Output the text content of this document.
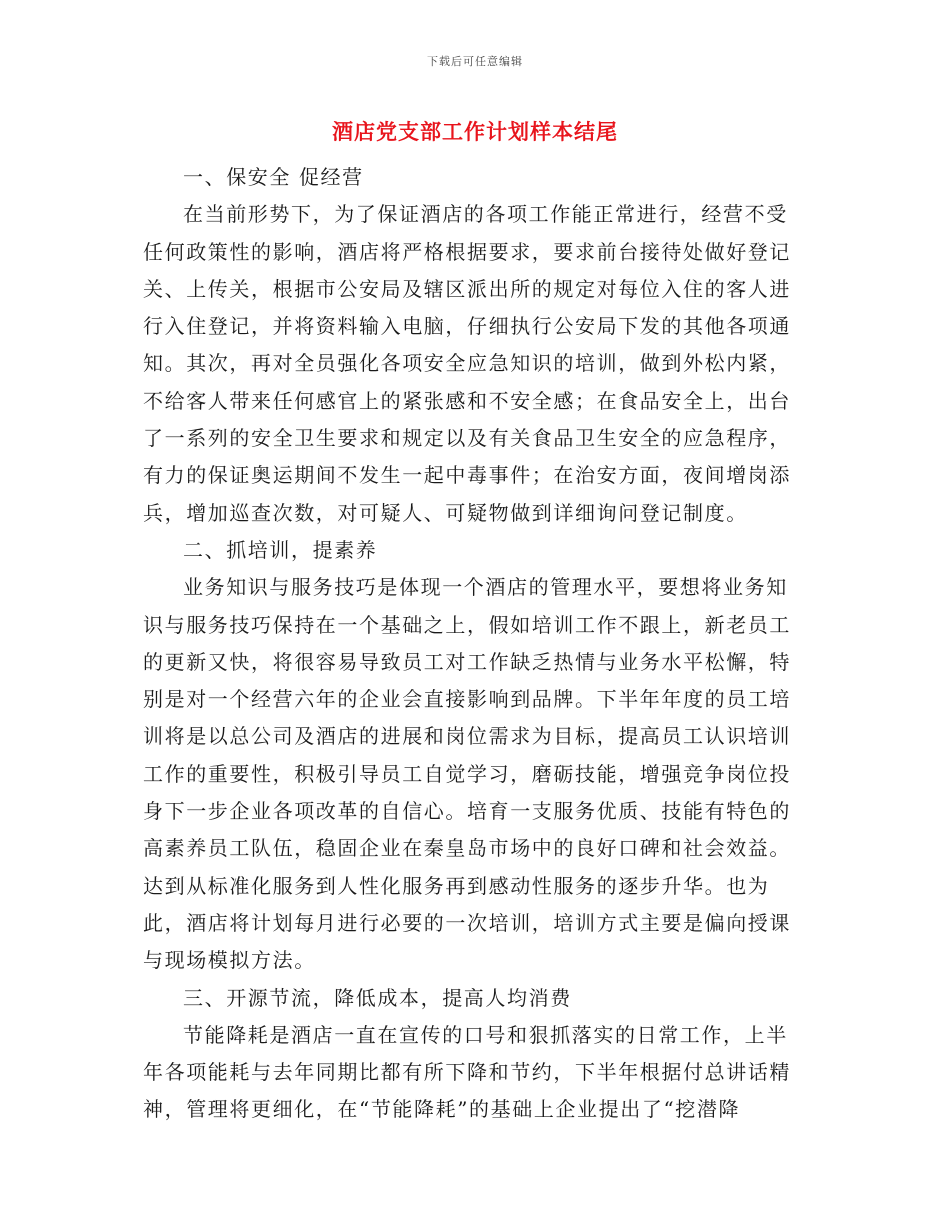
下载后可任意编辑
酒店党支部工作计划样本结尾

一、保安全 促经营

在当前形势下，为了保证酒店的各项工作能正常进行，经营不受任何政策性的影响，酒店将严格根据要求，要求前台接待处做好登记关、上传关，根据市公安局及辖区派出所的规定对每位入住的客人进行入住登记，并将资料输入电脑，仔细执行公安局下发的其他各项通知。其次，再对全员强化各项安全应急知识的培训，做到外松内紧，不给客人带来任何感官上的紧张感和不安全感；在食品安全上，出台了一系列的安全卫生要求和规定以及有关食品卫生安全的应急程序，有力的保证奥运期间不发生一起中毒事件；在治安方面，夜间增岗添兵，增加巡查次数，对可疑人、可疑物做到详细询问登记制度。

二、抓培训，提素养

业务知识与服务技巧是体现一个酒店的管理水平，要想将业务知识与服务技巧保持在一个基础之上，假如培训工作不跟上，新老员工的更新又快，将很容易导致员工对工作缺乏热情与业务水平松懈，特别是对一个经营六年的企业会直接影响到品牌。下半年年度的员工培训将是以总公司及酒店的进展和岗位需求为目标，提高员工认识培训工作的重要性，积极引导员工自觉学习，磨砺技能，增强竞争岗位投身下一步企业各项改革的自信心。培育一支服务优质、技能有特色的高素养员工队伍，稳固企业在秦皇岛市场中的良好口碑和社会效益。达到从标准化服务到人性化服务再到感动性服务的逐步升华。也为此，酒店将计划每月进行必要的一次培训，培训方式主要是偏向授课与现场模拟方法。

三、开源节流，降低成本，提高人均消费

节能降耗是酒店一直在宣传的口号和狠抓落实的日常工作，上半年各项能耗与去年同期比都有所下降和节约，下半年根据付总讲话精神，管理将更细化，在“节能降耗”的基础上企业提出了“挖潜降
